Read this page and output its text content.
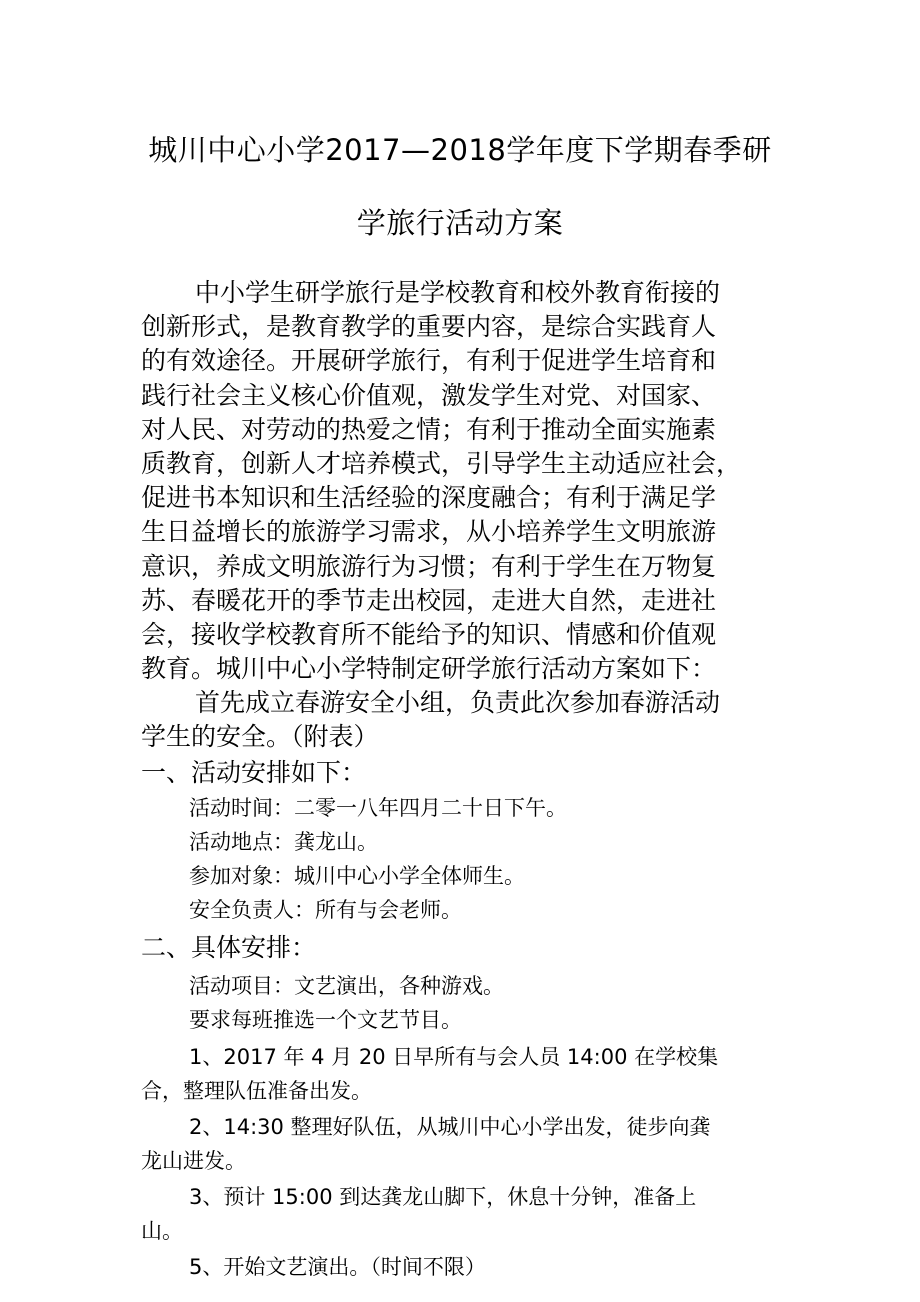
城川中心小学2017—2018学年度下学期春季研
学旅行活动方案
中小学生研学旅行是学校教育和校外教育衔接的
创新形式，是教育教学的重要内容，是综合实践育人
的有效途径。开展研学旅行，有利于促进学生培育和
践行社会主义核心价值观，激发学生对党、对国家、
对人民、对劳动的热爱之情；有利于推动全面实施素
质教育，创新人才培养模式，引导学生主动适应社会，
促进书本知识和生活经验的深度融合；有利于满足学
生日益增长的旅游学习需求，从小培养学生文明旅游
意识，养成文明旅游行为习惯；有利于学生在万物复
苏、春暖花开的季节走出校园，走进大自然，走进社
会，接收学校教育所不能给予的知识、情感和价值观
教育。城川中心小学特制定研学旅行活动方案如下：
首先成立春游安全小组，负责此次参加春游活动
学生的安全。（附表）
一、活动安排如下：
活动时间：二零一八年四月二十日下午。
活动地点：龚龙山。
参加对象：城川中心小学全体师生。
安全负责人：所有与会老师。
二、具体安排：
活动项目：文艺演出，各种游戏。
要求每班推选一个文艺节目。
1、2017 年 4 月 20 日早所有与会人员 14:00 在学校集
合，整理队伍准备出发。
2、14:30 整理好队伍，从城川中心小学出发，徒步向龚
龙山进发。
3、预计 15:00 到达龚龙山脚下，休息十分钟，准备上
山。
5、开始文艺演出。（时间不限）
